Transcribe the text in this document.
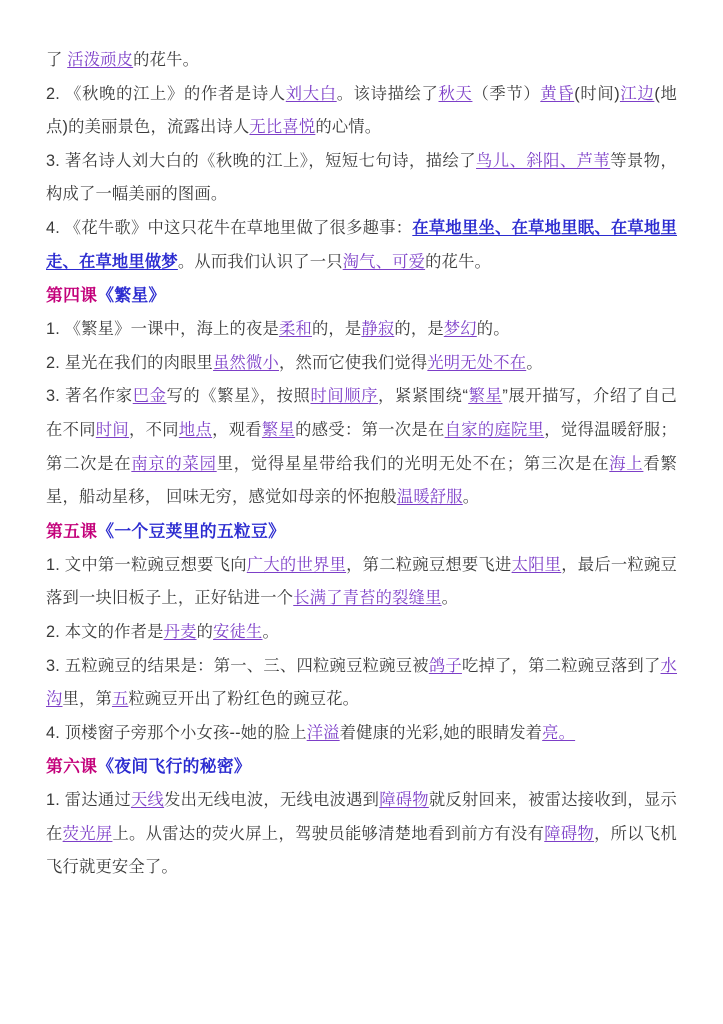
了 活泼顽皮的花牛。
2. 《秋晚的江上》的作者是诗人刘大白。该诗描绘了秋天（季节）黄昏(时间)江边(地点)的美丽景色，流露出诗人无比喜悦的心情。
3. 著名诗人刘大白的《秋晚的江上》，短短七句诗，描绘了鸟儿、斜阳、芦苇等景物，构成了一幅美丽的图画。
4. 《花牛歌》中这只花牛在草地里做了很多趣事：在草地里坐、在草地里眠、在草地里走、在草地里做梦。从而我们认识了一只淘气、可爱的花牛。
第四课《繁星》
1. 《繁星》一课中，海上的夜是柔和的，是静寂的，是梦幻的。
2. 星光在我们的肉眼里虽然微小，然而它使我们觉得光明无处不在。
3. 著名作家巴金写的《繁星》，按照时间顺序，紧紧围绕“繁星”展开描写，介绍了自己在不同时间，不同地点，观看繁星的感受：第一次是在自家的庭院里，觉得温暖舒服；第二次是在南京的菜园里，觉得星星带给我们的光明无处不在；第三次是在海上看繁星，船动星移， 回味无穷，感觉如母亲的怀抱般温暖舒服。
第五课《一个豆荚里的五粒豆》
1. 文中第一粒豌豆想要飞向广大的世界里，第二粒豌豆想要飞进太阳里，最后一粒豌豆落到一块旧板子上，正好钻进一个长满了青苔的裂缝里。
2. 本文的作者是丹麦的安徒生。
3. 五粒豌豆的结果是：第一、三、四粒豌豆粒豌豆被鸽子吃掉了，第二粒豌豆落到了水沟里，第五粒豌豆开出了粉红色的豌豆花。
4. 顶楼窗子旁那个小女孩--她的脸上洋溢着健康的光彩,她的眼睛发着亮。
第六课《夜间飞行的秘密》
1. 雷达通过天线发出无线电波，无线电波遇到障碍物就反射回来，被雷达接收到，显示在荧光屏上。从雷达的荧火屏上，驾驶员能够清楚地看到前方有没有障碍物，所以飞机飞行就更安全了。
